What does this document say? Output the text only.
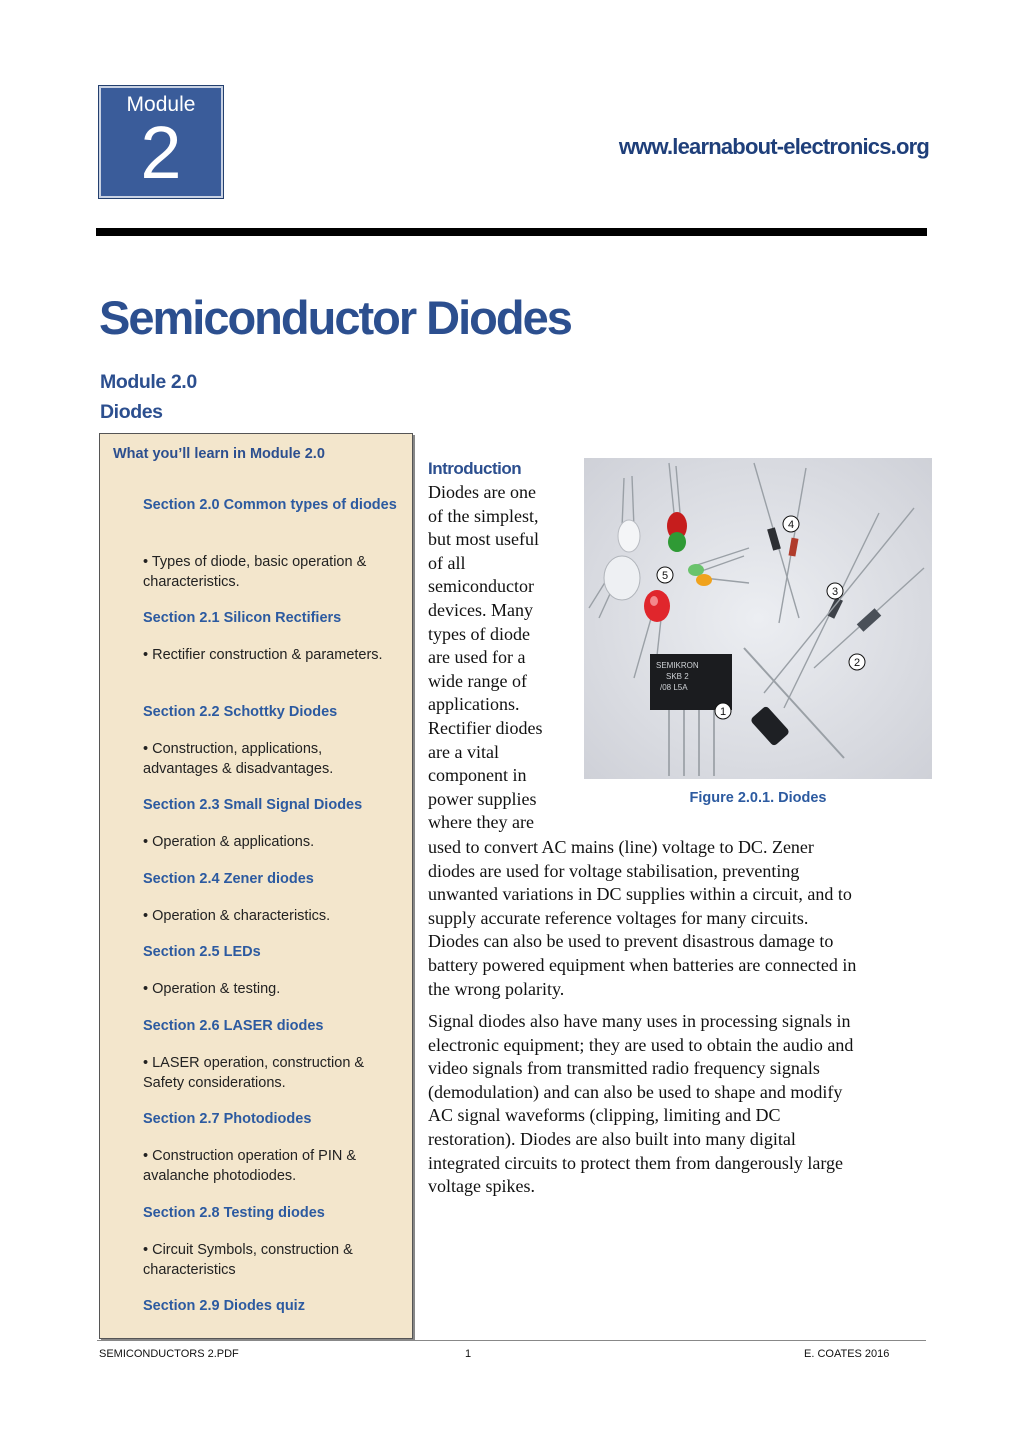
Module
2	www.learnabout-electronics.org
Semiconductor Diodes
Module 2.0
Diodes
What you’ll learn in Module 2.0
Section 2.0 Common types of diodes
• Types of diode, basic operation & characteristics.
Section 2.1 Silicon Rectifiers
• Rectifier construction & parameters.
Section 2.2 Schottky Diodes
• Construction, applications, advantages & disadvantages.
Section 2.3 Small Signal Diodes
• Operation & applications.
Section 2.4 Zener diodes
• Operation & characteristics.
Section 2.5 LEDs
• Operation & testing.
Section 2.6 LASER diodes
• LASER operation, construction & Safety considerations.
Section 2.7 Photodiodes
• Construction operation of PIN & avalanche photodiodes.
Section 2.8 Testing diodes
• Circuit Symbols, construction & characteristics
Section 2.9 Diodes quiz
Introduction
Diodes are one
of the simplest,
but most useful
of all
semiconductor
devices. Many
types of diode
are used for a
wide range of
applications.
Rectifier diodes
are a vital
component in
power supplies
where they are
used to convert AC mains (line) voltage to DC. Zener
diodes are used for voltage stabilisation, preventing
unwanted variations in DC supplies within a circuit, and to
supply accurate reference voltages for many circuits.
Diodes can also be used to prevent disastrous damage to
battery powered equipment when batteries are connected in
the wrong polarity.
Signal diodes also have many uses in processing signals in
electronic equipment; they are used to obtain the audio and
video signals from transmitted radio frequency signals
(demodulation) and can also be used to shape and modify
AC signal waveforms (clipping, limiting and DC
restoration). Diodes are also built into many digital
integrated circuits to protect them from dangerously large
voltage spikes.
SEMIKRON
SKB 2
/08 L5A
1
2
3
4
5
Figure 2.0.1. Diodes
SEMICONDUCTORS 2.PDF	1	E. COATES 2016
